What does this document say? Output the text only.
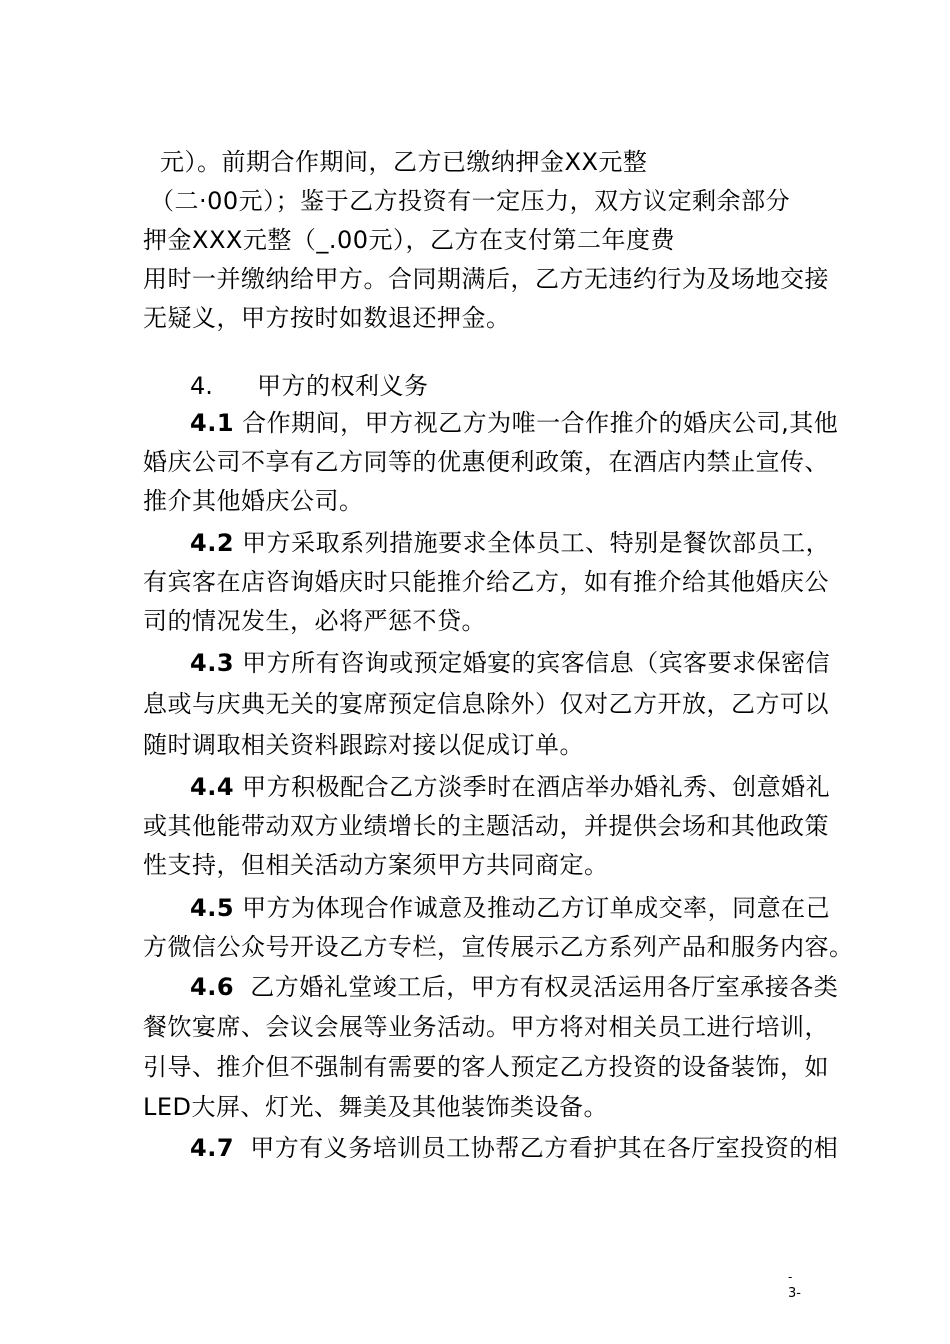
元）。前期合作期间，乙方已缴纳押金XX元整
（二·00元）；鉴于乙方投资有一定压力，双方议定剩余部分
押金XXX元整（_.00元），乙方在支付第二年度费
用时一并缴纳给甲方。合同期满后，乙方无违约行为及场地交接
无疑义，甲方按时如数退还押金。
4. 甲方的权利义务
4.1 合作期间，甲方视乙方为唯一合作推介的婚庆公司,其他
婚庆公司不享有乙方同等的优惠便利政策，在酒店内禁止宣传、
推介其他婚庆公司。
4.2 甲方采取系列措施要求全体员工、特别是餐饮部员工，
有宾客在店咨询婚庆时只能推介给乙方，如有推介给其他婚庆公
司的情况发生，必将严惩不贷。
4.3 甲方所有咨询或预定婚宴的宾客信息（宾客要求保密信
息或与庆典无关的宴席预定信息除外）仅对乙方开放，乙方可以
随时调取相关资料跟踪对接以促成订单。
4.4 甲方积极配合乙方淡季时在酒店举办婚礼秀、创意婚礼
或其他能带动双方业绩增长的主题活动，并提供会场和其他政策
性支持，但相关活动方案须甲方共同商定。
4.5 甲方为体现合作诚意及推动乙方订单成交率，同意在己
方微信公众号开设乙方专栏，宣传展示乙方系列产品和服务内容。
4.6 乙方婚礼堂竣工后，甲方有权灵活运用各厅室承接各类
餐饮宴席、会议会展等业务活动。甲方将对相关员工进行培训，
引导、推介但不强制有需要的客人预定乙方投资的设备装饰，如
LED大屏、灯光、舞美及其他装饰类设备。
4.7 甲方有义务培训员工协帮乙方看护其在各厅室投资的相
-
3-
